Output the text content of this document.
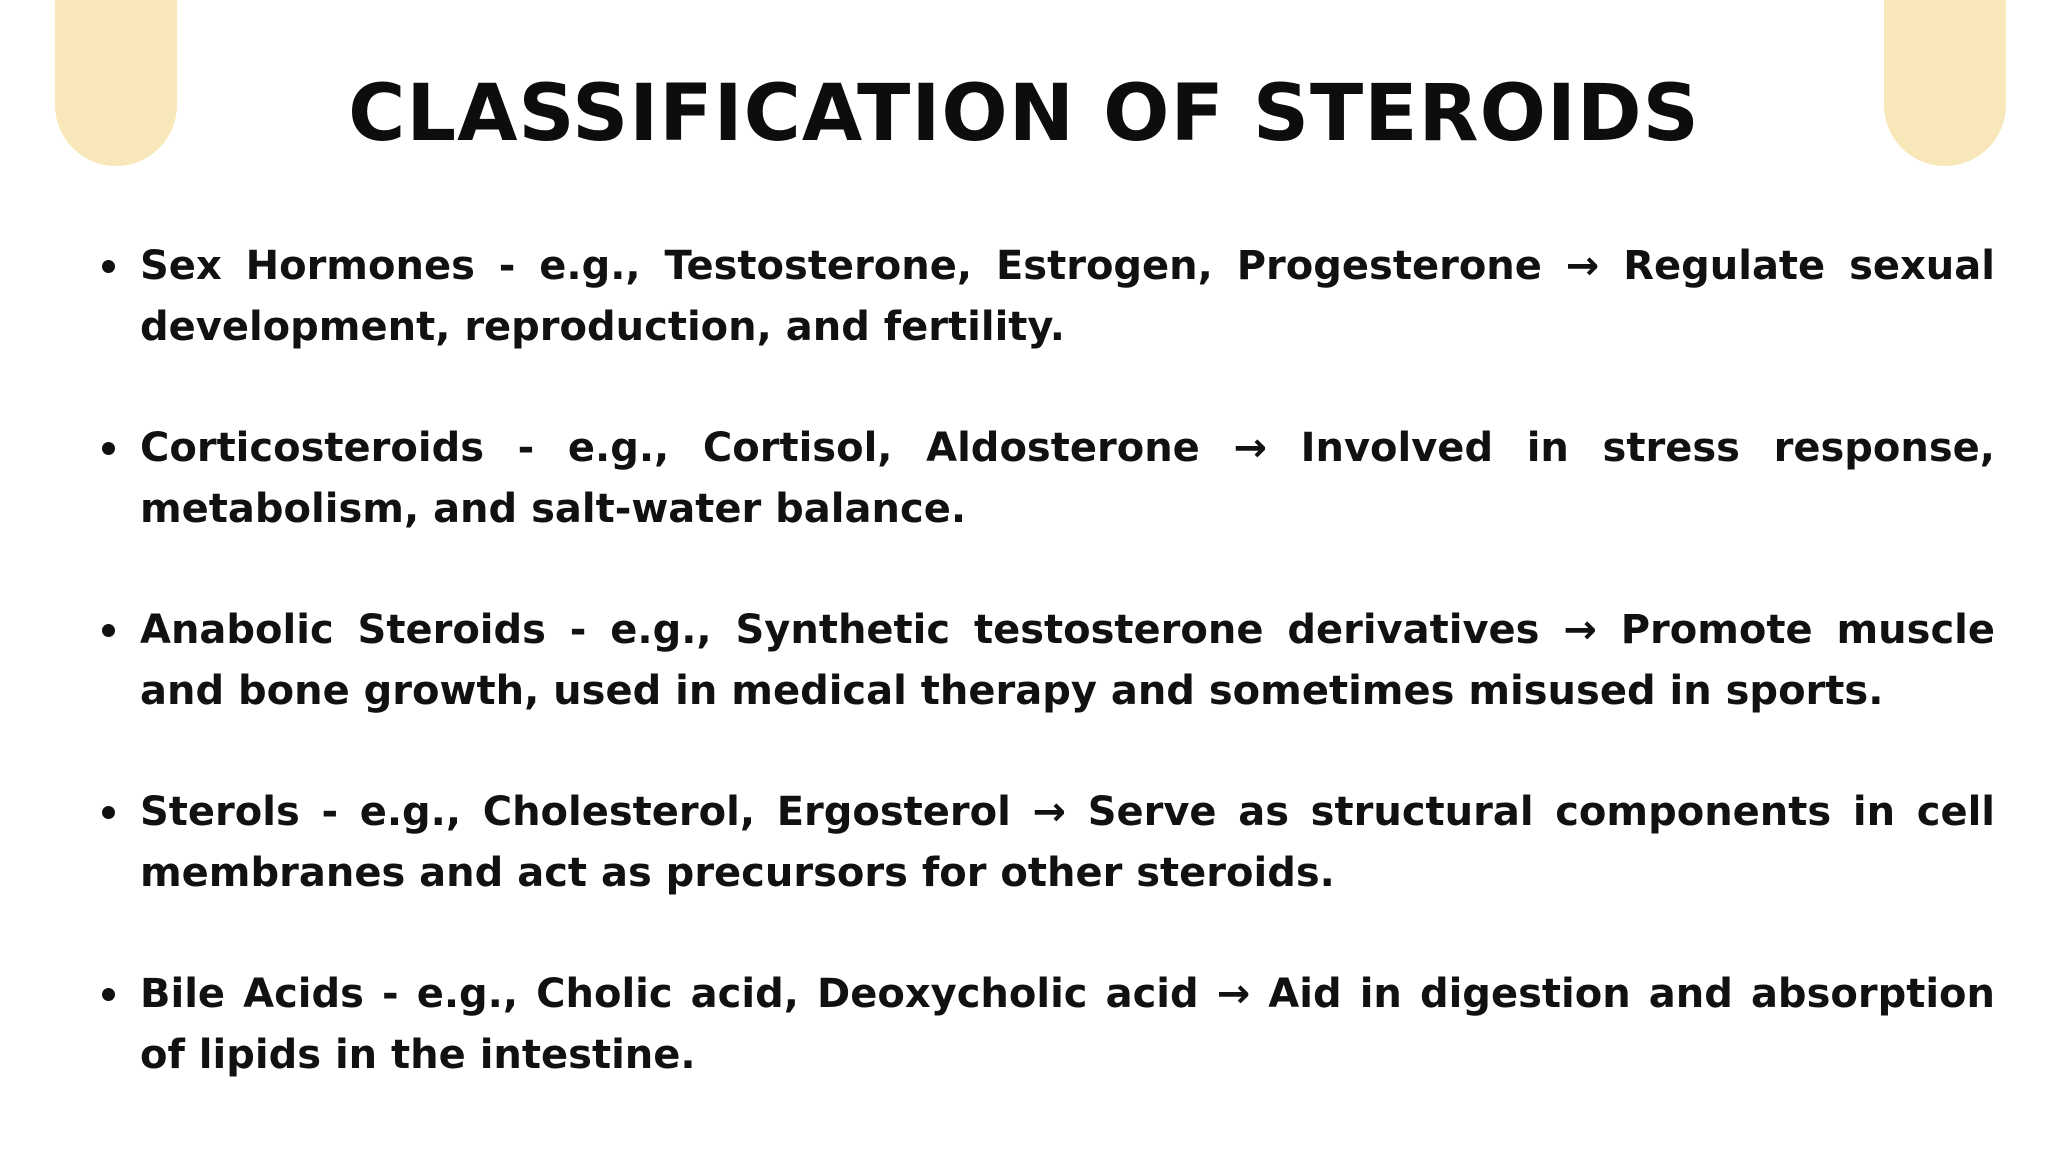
CLASSIFICATION OF STEROIDS
Sex Hormones - e.g., Testosterone, Estrogen, Progesterone → Regulate sexual development, reproduction, and fertility.
Corticosteroids - e.g., Cortisol, Aldosterone → Involved in stress response, metabolism, and salt-water balance.
Anabolic Steroids - e.g., Synthetic testosterone derivatives → Promote muscle and bone growth, used in medical therapy and sometimes misused in sports.
Sterols - e.g., Cholesterol, Ergosterol → Serve as structural components in cell membranes and act as precursors for other steroids.
Bile Acids - e.g., Cholic acid, Deoxycholic acid → Aid in digestion and absorption of lipids in the intestine.
